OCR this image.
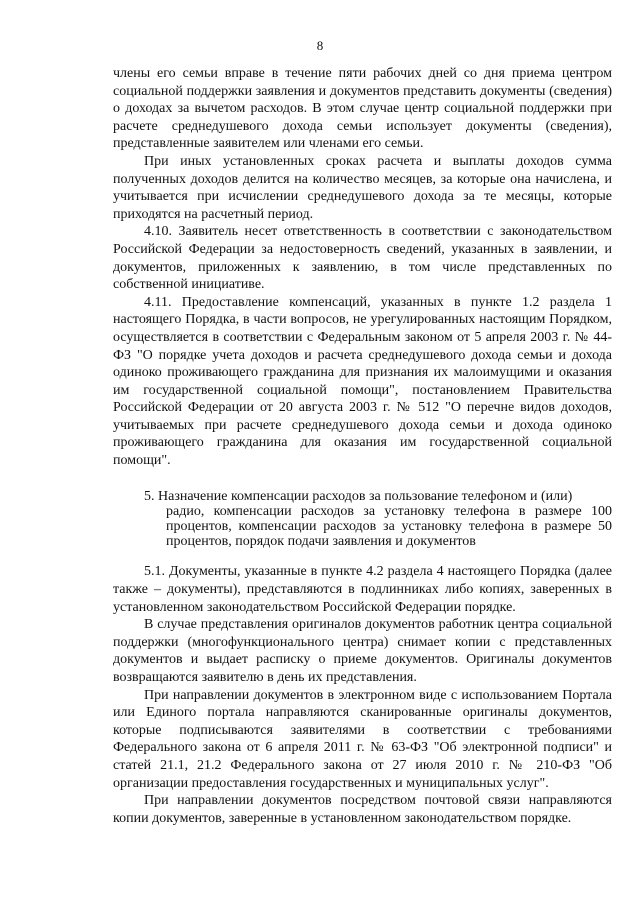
8

члены его семьи вправе в течение пяти рабочих дней со дня приема центром социальной поддержки заявления и документов представить документы (сведения) о доходах за вычетом расходов. В этом случае центр социальной поддержки при расчете среднедушевого дохода семьи использует документы (сведения), представленные заявителем или членами его семьи.

При иных установленных сроках расчета и выплаты доходов сумма полученных доходов делится на количество месяцев, за которые она начислена, и учитывается при исчислении среднедушевого дохода за те месяцы, которые приходятся на расчетный период.

4.10. Заявитель несет ответственность в соответствии с законодательством Российской Федерации за недостоверность сведений, указанных в заявлении, и документов, приложенных к заявлению, в том числе представленных по собственной инициативе.

4.11. Предоставление компенсаций, указанных в пункте 1.2 раздела 1 настоящего Порядка, в части вопросов, не урегулированных настоящим Порядком, осуществляется в соответствии с Федеральным законом от 5 апреля 2003 г. № 44-ФЗ "О порядке учета доходов и расчета среднедушевого дохода семьи и дохода одиноко проживающего гражданина для признания их малоимущими и оказания им государственной социальной помощи", постановлением Правительства Российской Федерации от 20 августа 2003 г. № 512 "О перечне видов доходов, учитываемых при расчете среднедушевого дохода семьи и дохода одиноко проживающего гражданина для оказания им государственной социальной помощи".

5. Назначение компенсации расходов за пользование телефоном и (или)
радио, компенсации расходов за установку телефона в размере 100 процентов, компенсации расходов за установку телефона в размере 50 процентов, порядок подачи заявления и документов

5.1. Документы, указанные в пункте 4.2 раздела 4 настоящего Порядка (далее также – документы), представляются в подлинниках либо копиях, заверенных в установленном законодательством Российской Федерации порядке.

В случае представления оригиналов документов работник центра социальной поддержки (многофункционального центра) снимает копии с представленных документов и выдает расписку о приеме документов. Оригиналы документов возвращаются заявителю в день их представления.

При направлении документов в электронном виде с использованием Портала или Единого портала направляются сканированные оригиналы документов, которые подписываются заявителями в соответствии с требованиями Федерального закона от 6 апреля 2011 г. № 63-ФЗ "Об электронной подписи" и статей 21.1, 21.2 Федерального закона от 27 июля 2010 г. № 210-ФЗ "Об организации предоставления государственных и муниципальных услуг".

При направлении документов посредством почтовой связи направляются копии документов, заверенные в установленном законодательством порядке.
